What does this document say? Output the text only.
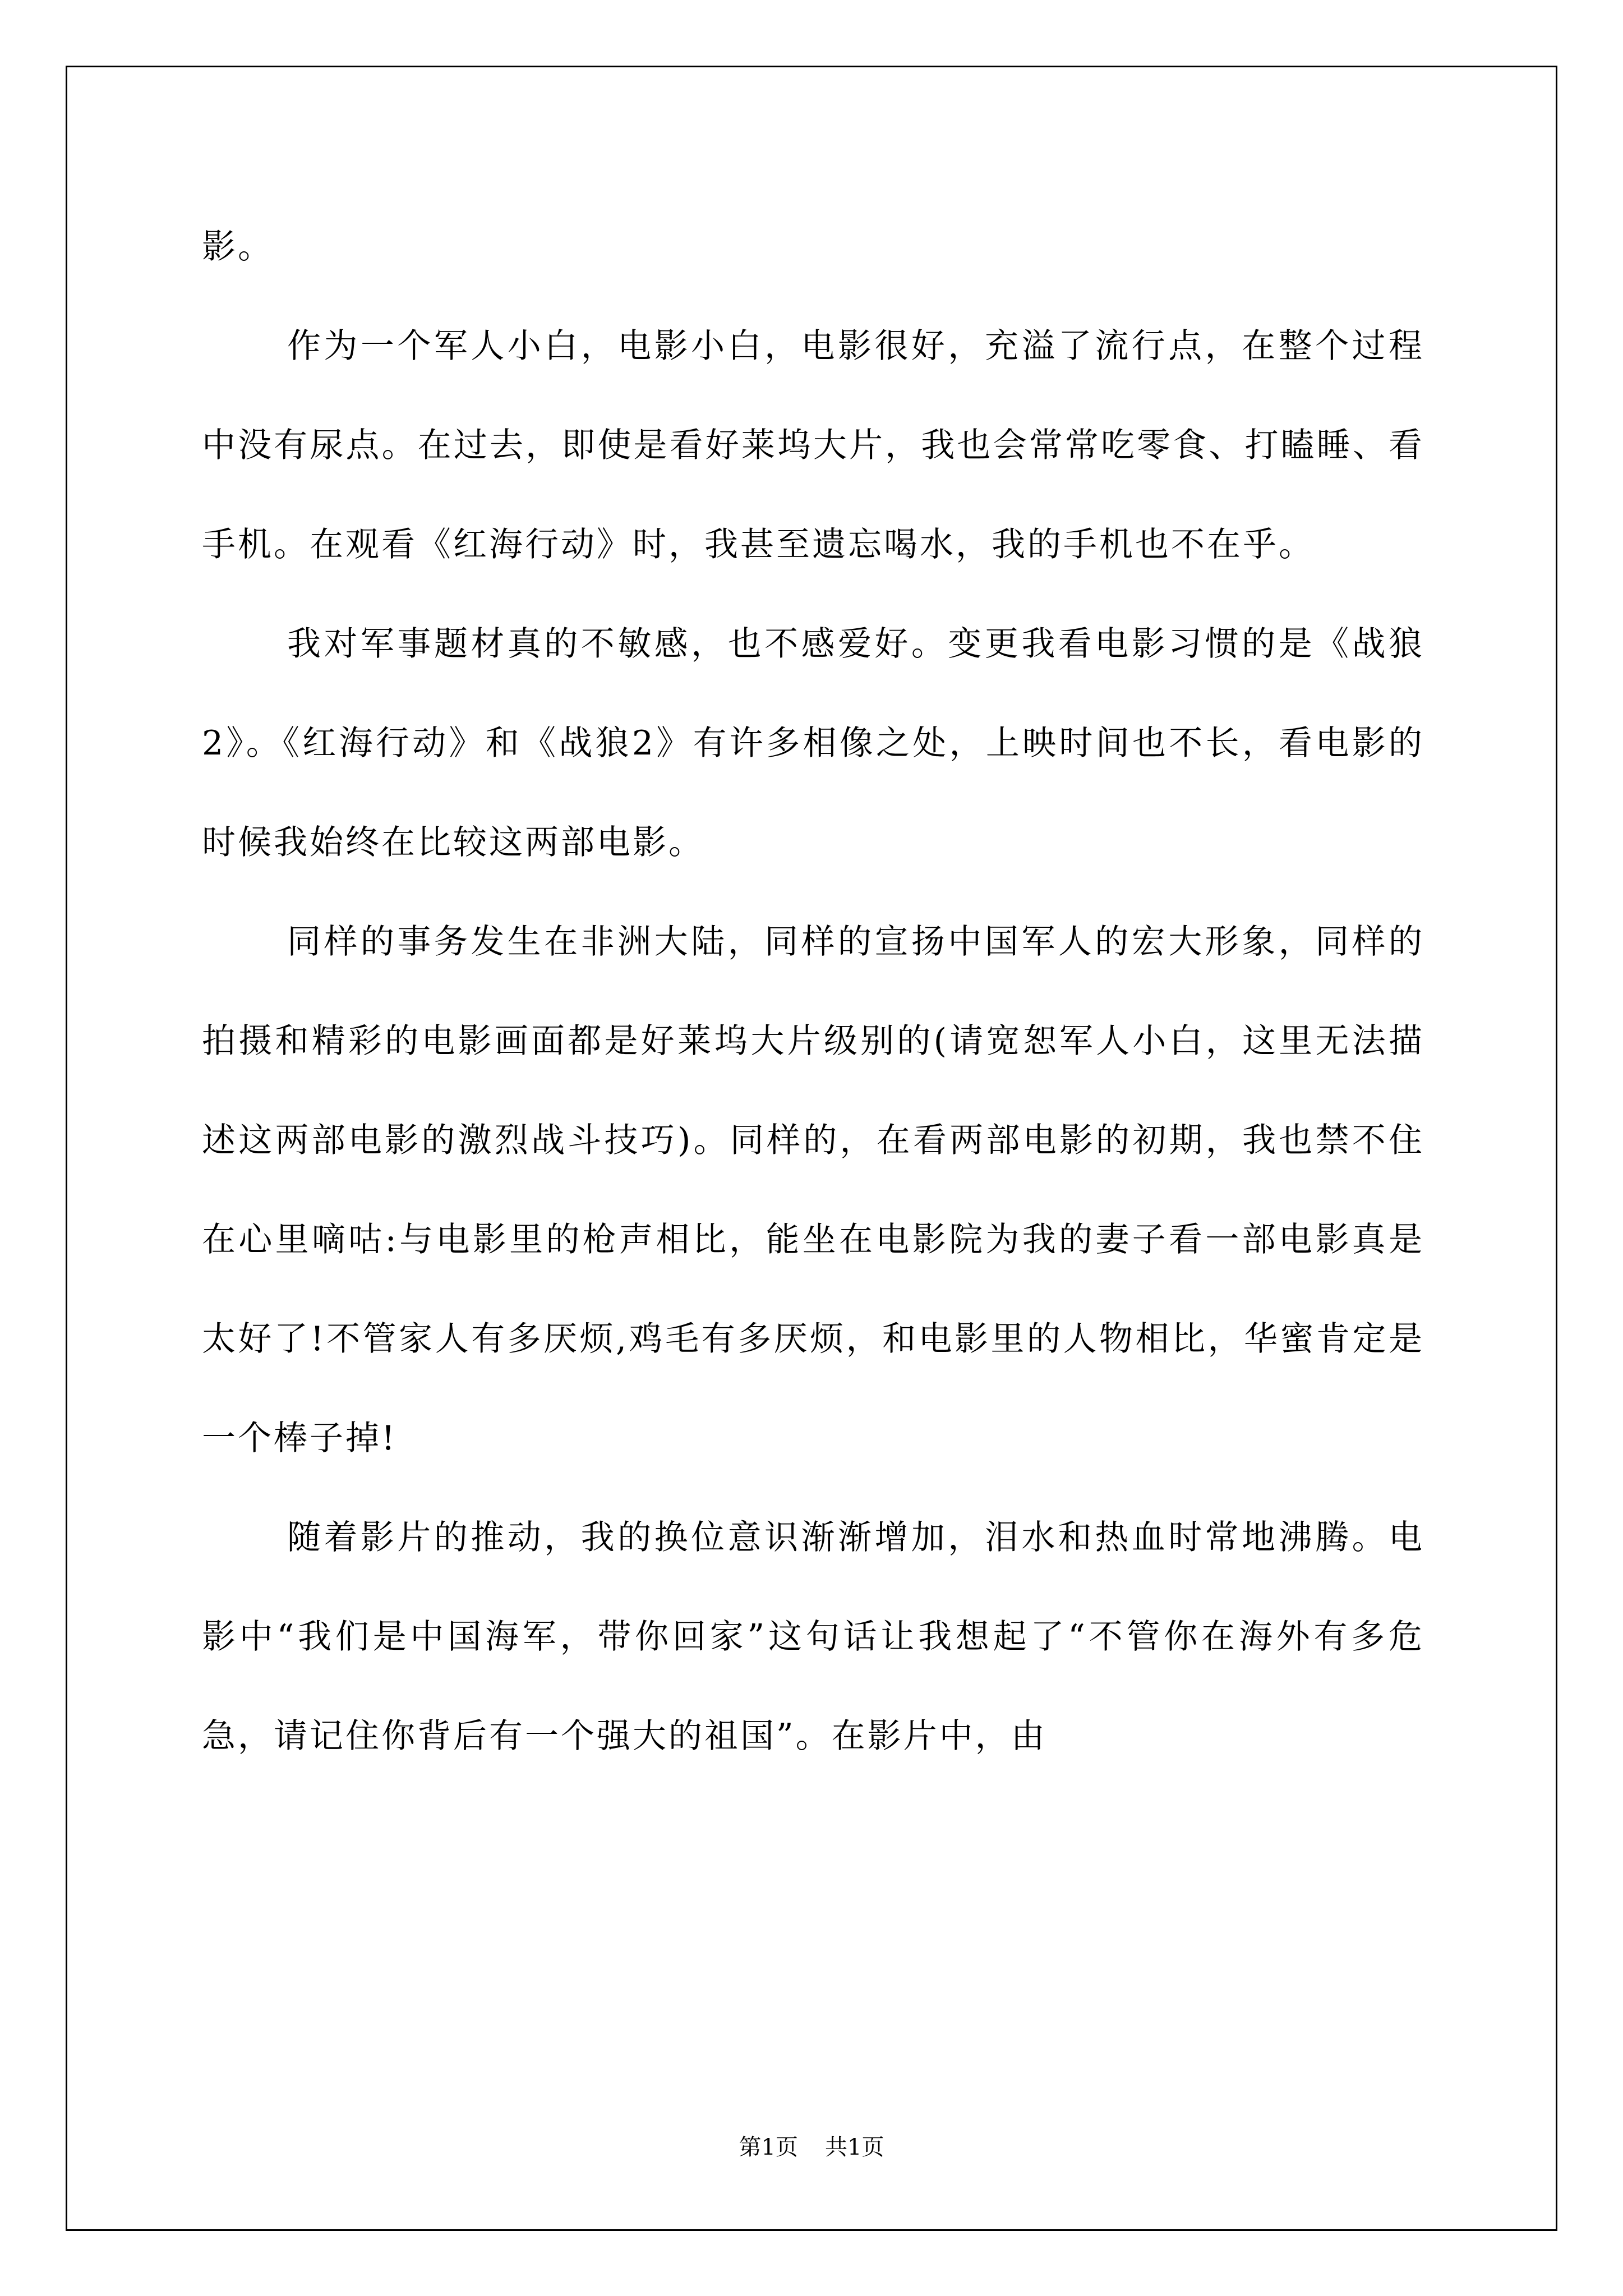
影。

作为一个军人小白，电影小白，电影很好，充溢了流行点，在整个过程中没有尿点。在过去，即使是看好莱坞大片，我也会常常吃零食、打瞌睡、看手机。在观看《红海行动》时，我甚至遗忘喝水，我的手机也不在乎。

我对军事题材真的不敏感，也不感爱好。变更我看电影习惯的是《战狼2》。《红海行动》和《战狼2》有许多相像之处，上映时间也不长，看电影的时候我始终在比较这两部电影。

同样的事务发生在非洲大陆，同样的宣扬中国军人的宏大形象，同样的拍摄和精彩的电影画面都是好莱坞大片级别的(请宽恕军人小白，这里无法描述这两部电影的激烈战斗技巧)。同样的，在看两部电影的初期，我也禁不住在心里嘀咕:与电影里的枪声相比，能坐在电影院为我的妻子看一部电影真是太好了!不管家人有多厌烦,鸡毛有多厌烦，和电影里的人物相比，华蜜肯定是一个棒子掉!

随着影片的推动，我的换位意识渐渐增加，泪水和热血时常地沸腾。电影中“我们是中国海军，带你回家”这句话让我想起了“不管你在海外有多危急，请记住你背后有一个强大的祖国”。在影片中，由

第1页 共1页
